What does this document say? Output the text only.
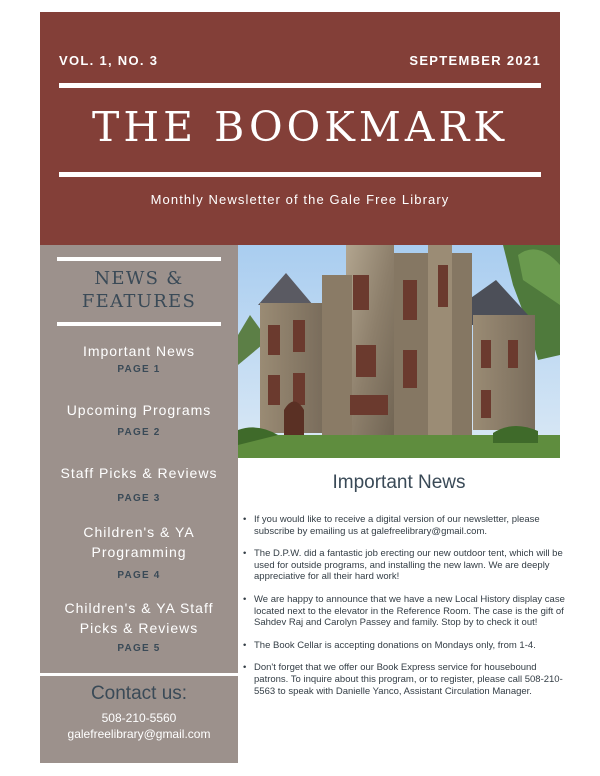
VOL. 1, NO. 3	SEPTEMBER 2021
THE BOOKMARK
Monthly Newsletter of the Gale Free Library
NEWS &
FEATURES
Important News
PAGE 1
Upcoming Programs
PAGE 2
Staff Picks & Reviews
PAGE 3
Children's & YA
Programming
PAGE 4
Children's & YA Staff
Picks & Reviews
PAGE 5
Contact us:
508-210-5560
galefreelibrary@gmail.com
Important News
• If you would like to receive a digital version of our newsletter, please subscribe by emailing us at galefreelibrary@gmail.com.
• The D.P.W. did a fantastic job erecting our new outdoor tent, which will be used for outside programs, and installing the new lawn. We are deeply appreciative for all their hard work!
• We are happy to announce that we have a new Local History display case located next to the elevator in the Reference Room. The case is the gift of Sahdev Raj and Carolyn Passey and family. Stop by to check it out!
• The Book Cellar is accepting donations on Mondays only, from 1-4.
• Don't forget that we offer our Book Express service for housebound patrons. To inquire about this program, or to register, please call 508-210-5563 to speak with Danielle Yanco, Assistant Circulation Manager.
